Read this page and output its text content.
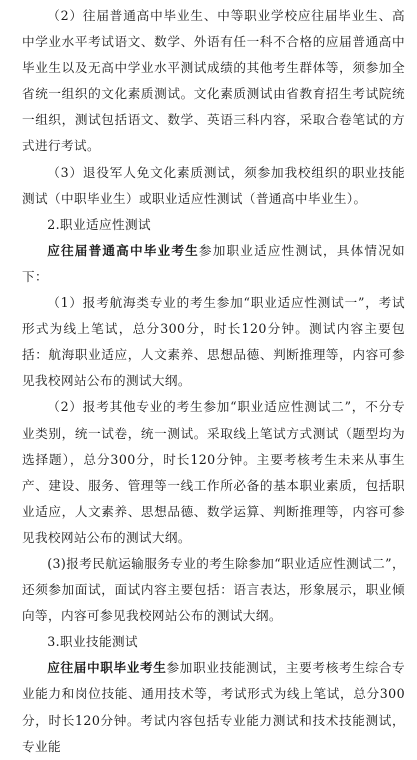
（2）往届普通高中毕业生、中等职业学校应往届毕业生、高中学业水平考试语文、数学、外语有任一科不合格的应届普通高中毕业生以及无高中学业水平测试成绩的其他考生群体等，须参加全省统一组织的文化素质测试。文化素质测试由省教育招生考试院统一组织，测试包括语文、数学、英语三科内容，采取合卷笔试的方式进行考试。

（3）退役军人免文化素质测试，须参加我校组织的职业技能测试（中职毕业生）或职业适应性测试（普通高中毕业生）。

2.职业适应性测试

应往届普通高中毕业考生参加职业适应性测试，具体情况如下：

（1）报考航海类专业的考生参加“职业适应性测试一”，考试形式为线上笔试，总分300分，时长120分钟。测试内容主要包括：航海职业适应，人文素养、思想品德、判断推理等，内容可参见我校网站公布的测试大纲。

（2）报考其他专业的考生参加“职业适应性测试二”，不分专业类别，统一试卷，统一测试。采取线上笔试方式测试（题型均为选择题），总分300分，时长120分钟。主要考核考生未来从事生产、建设、服务、管理等一线工作所必备的基本职业素质，包括职业适应，人文素养、思想品德、数学运算、判断推理等，内容可参见我校网站公布的测试大纲。

(3)报考民航运输服务专业的考生除参加“职业适应性测试二”，还须参加面试，面试内容主要包括：语言表达，形象展示，职业倾向等，内容可参见我校网站公布的测试大纲。

3.职业技能测试

应往届中职毕业考生参加职业技能测试，主要考核考生综合专业能力和岗位技能、通用技术等，考试形式为线上笔试，总分300分，时长120分钟。考试内容包括专业能力测试和技术技能测试，专业能
